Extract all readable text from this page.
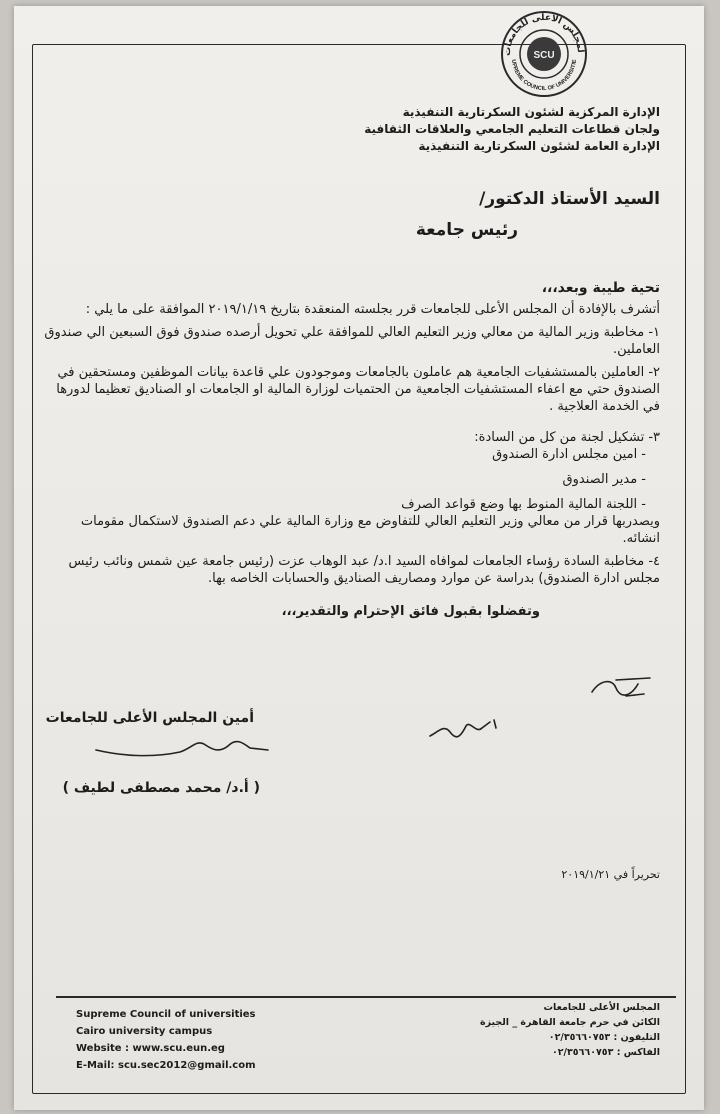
SCU	لمجلس الأعلى للجامعات
UPREME COUNCIL OF UNIVERSITIE
الإدارة المركزية لشئون السكرتارية التنفيذية
ولجان قطاعات التعليم الجامعي والعلاقات الثقافية
الإدارة العامة لشئون السكرتارية التنفيذية
السيد الأستاذ الدكتور/
رئيس جامعة

تحية طيبة وبعد،،،

أتشرف بالإفادة أن المجلس الأعلى للجامعات قرر بجلسته المنعقدة بتاريخ ٢٠١٩/١/١٩ الموافقة على ما يلي :

١- مخاطبة وزير المالية من معالي وزير التعليم العالي للموافقة علي تحويل أرصده صندوق فوق السبعين الي صندوق العاملين.

٢- العاملين بالمستشفيات الجامعية هم عاملون بالجامعات وموجودون علي قاعدة بيانات الموظفين ومستحقين في الصندوق حتي مع اعفاء المستشفيات الجامعية من الحتميات لوزارة المالية او الجامعات او الصناديق تعظيما لدورها في الخدمة العلاجية .

٣- تشكيل لجنة من كل من السادة:

- امين مجلس ادارة الصندوق

- مدير الصندوق

- اللجنة المالية المنوط بها وضع قواعد الصرف

ويصدربها قرار من معالي وزير التعليم العالي للتفاوض مع وزارة المالية علي دعم الصندوق لاستكمال مقومات انشائه.

٤- مخاطبة السادة رؤساء الجامعات لموافاه السيد ا.د/ عبد الوهاب عزت (رئيس جامعة عين شمس ونائب رئيس مجلس ادارة الصندوق) بدراسة عن موارد ومصاريف الصناديق والحسابات الخاصه بها.

وتفضلوا بقبول فائق الإحترام والتقدير،،،

أمين المجلس الأعلى للجامعات
( أ.د/ محمد مصطفى لطيف )
تحريراً في ٢٠١٩/١/٢١
Supreme Council of universities
Cairo university campus
Website : www.scu.eun.eg
E-Mail: scu.sec2012@gmail.com
المجلس الأعلى للجامعات
الكائن في حرم جامعة القاهرة _ الجيزة
التليفون : ٠٢/٣٥٦٦٠٧٥٣
الفاكس : ٠٢/٣٥٦٦٠٧٥٣
